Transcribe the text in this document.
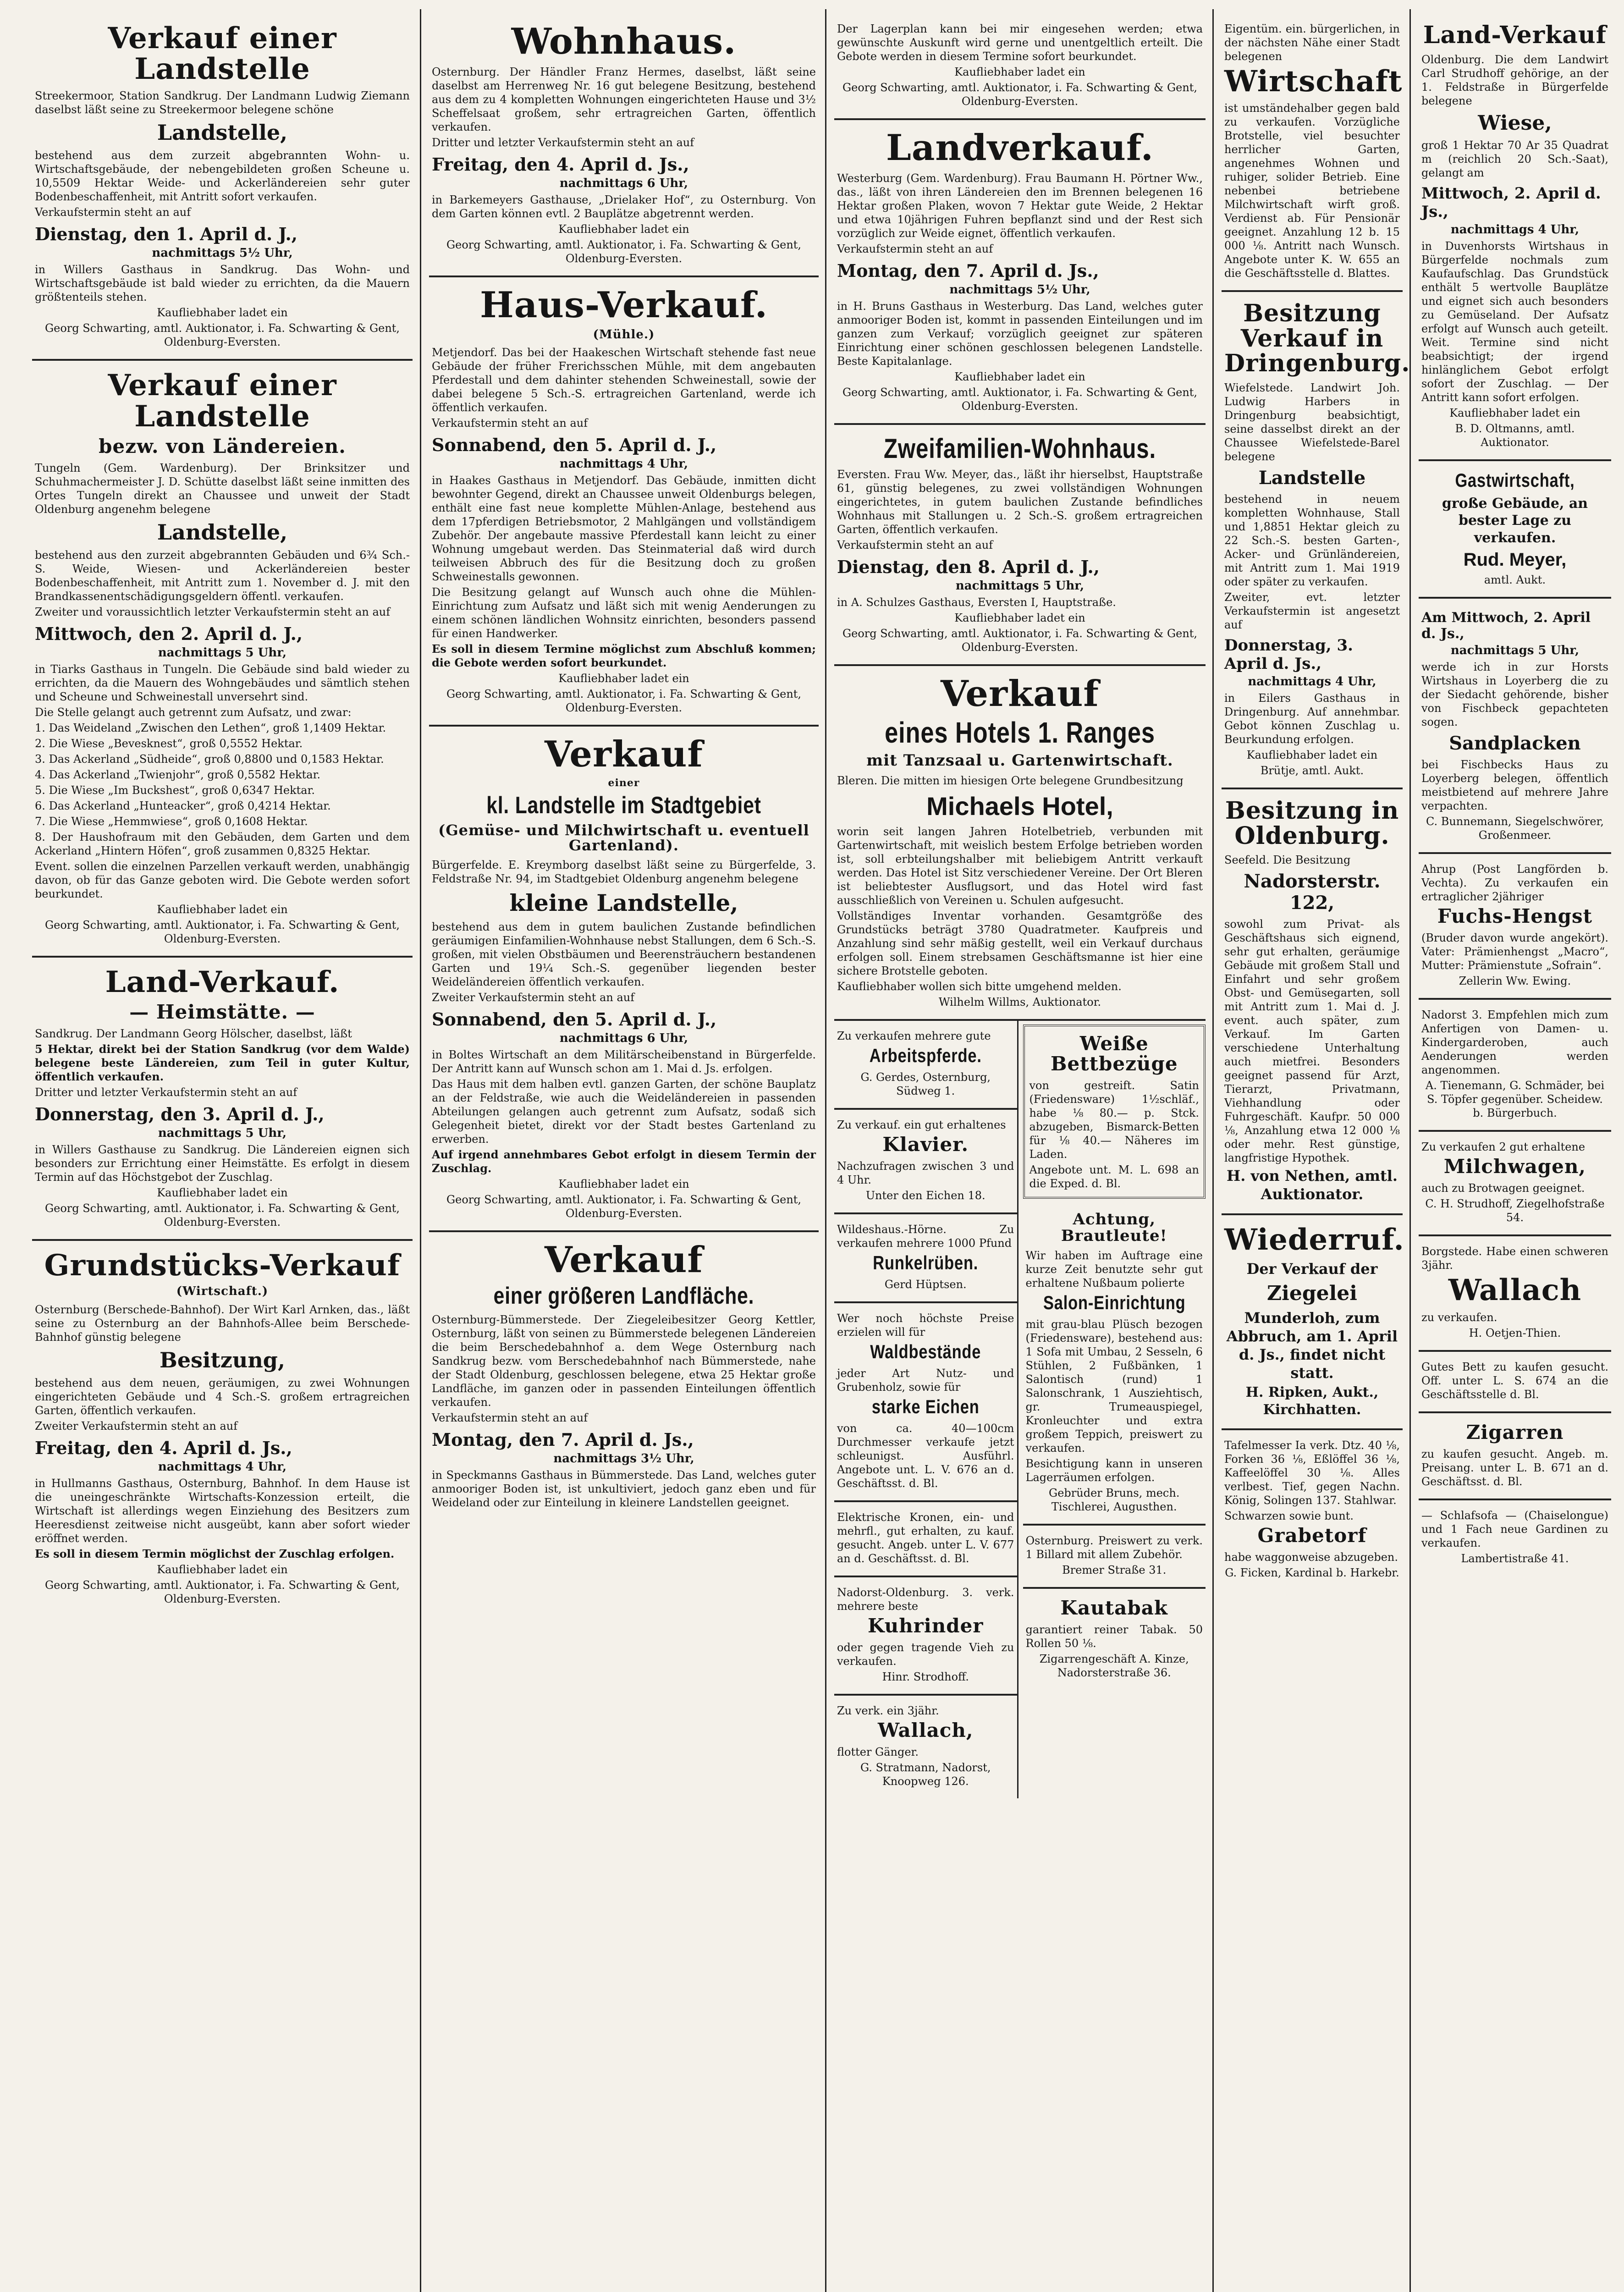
Verkauf einer Landstelle

Streekermoor, Station Sandkrug. Der Landmann Ludwig Ziemann daselbst läßt seine zu Streekermoor belegene schöne

Landstelle,

bestehend aus dem zurzeit abgebrannten Wohn- u. Wirtschaftsgebäude, der nebengebildeten großen Scheune u. 10,5509 Hektar Weide- und Ackerländereien sehr guter Bodenbeschaffenheit, mit Antritt sofort verkaufen.

Verkaufstermin steht an auf

Dienstag, den 1. April d. J.,
nachmittags 5½ Uhr,

in Willers Gasthaus in Sandkrug. Das Wohn- und Wirtschaftsgebäude ist bald wieder zu errichten, da die Mauern größtenteils stehen.

Kaufliebhaber ladet ein

Georg Schwarting, amtl. Auktionator, i. Fa. Schwarting & Gent, Oldenburg-Eversten.

Verkauf einer Landstelle
bezw. von Ländereien.

Tungeln (Gem. Wardenburg). Der Brinksitzer und Schuhmachermeister J. D. Schütte daselbst läßt seine inmitten des Ortes Tungeln direkt an Chaussee und unweit der Stadt Oldenburg angenehm belegene

Landstelle,

bestehend aus den zurzeit abgebrannten Gebäuden und 6¾ Sch.-S. Weide, Wiesen- und Ackerländereien bester Bodenbeschaffenheit, mit Antritt zum 1. November d. J. mit den Brandkassenentschädigungsgeldern öffentl. verkaufen.

Zweiter und voraussichtlich letzter Verkaufstermin steht an auf

Mittwoch, den 2. April d. J.,
nachmittags 5 Uhr,

in Tiarks Gasthaus in Tungeln. Die Gebäude sind bald wieder zu errichten, da die Mauern des Wohngebäudes und sämtlich stehen und Scheune und Schweinestall unversehrt sind.

Die Stelle gelangt auch getrennt zum Aufsatz, und zwar:

1. Das Weideland „Zwischen den Lethen“, groß 1,1409 Hektar.

2. Die Wiese „Bevesknest“, groß 0,5552 Hektar.

3. Das Ackerland „Südheide“, groß 0,8800 und 0,1583 Hektar.

4. Das Ackerland „Twienjohr“, groß 0,5582 Hektar.

5. Die Wiese „Im Buckshest“, groß 0,6347 Hektar.

6. Das Ackerland „Hunteacker“, groß 0,4214 Hektar.

7. Die Wiese „Hemmwiese“, groß 0,1608 Hektar.

8. Der Haushofraum mit den Gebäuden, dem Garten und dem Ackerland „Hintern Höfen“, groß zusammen 0,8325 Hektar.

Event. sollen die einzelnen Parzellen verkauft werden, unabhängig davon, ob für das Ganze geboten wird. Die Gebote werden sofort beurkundet.

Kaufliebhaber ladet ein

Georg Schwarting, amtl. Auktionator, i. Fa. Schwarting & Gent, Oldenburg-Eversten.

Land-Verkauf.
— Heimstätte. —

Sandkrug. Der Landmann Georg Hölscher, daselbst, läßt

5 Hektar, direkt bei der Station Sandkrug (vor dem Walde) belegene beste Ländereien, zum Teil in guter Kultur, öffentlich verkaufen.

Dritter und letzter Verkaufstermin steht an auf

Donnerstag, den 3. April d. J.,
nachmittags 5 Uhr,

in Willers Gasthause zu Sandkrug. Die Ländereien eignen sich besonders zur Errichtung einer Heimstätte. Es erfolgt in diesem Termin auf das Höchstgebot der Zuschlag.

Kaufliebhaber ladet ein

Georg Schwarting, amtl. Auktionator, i. Fa. Schwarting & Gent, Oldenburg-Eversten.

Grundstücks-Verkauf
(Wirtschaft.)

Osternburg (Berschede-Bahnhof). Der Wirt Karl Arnken, das., läßt seine zu Osternburg an der Bahnhofs-Allee beim Berschede-Bahnhof günstig belegene

Besitzung,

bestehend aus dem neuen, geräumigen, zu zwei Wohnungen eingerichteten Gebäude und 4 Sch.-S. großem ertragreichen Garten, öffentlich verkaufen.

Zweiter Verkaufstermin steht an auf

Freitag, den 4. April d. Js.,
nachmittags 4 Uhr,

in Hullmanns Gasthaus, Osternburg, Bahnhof. In dem Hause ist die uneingeschränkte Wirtschafts-Konzession erteilt, die Wirtschaft ist allerdings wegen Einziehung des Besitzers zum Heeresdienst zeitweise nicht ausgeübt, kann aber sofort wieder eröffnet werden.

Es soll in diesem Termin möglichst der Zuschlag erfolgen.

Kaufliebhaber ladet ein

Georg Schwarting, amtl. Auktionator, i. Fa. Schwarting & Gent, Oldenburg-Eversten.

Wohnhaus.

Osternburg. Der Händler Franz Hermes, daselbst, läßt seine daselbst am Herrenweg Nr. 16 gut belegene Besitzung, bestehend aus dem zu 4 kompletten Wohnungen eingerichteten Hause und 3½ Scheffelsaat großem, sehr ertragreichen Garten, öffentlich verkaufen.

Dritter und letzter Verkaufstermin steht an auf

Freitag, den 4. April d. Js.,
nachmittags 6 Uhr,

in Barkemeyers Gasthause, „Drielaker Hof“, zu Osternburg. Von dem Garten können evtl. 2 Bauplätze abgetrennt werden.

Kaufliebhaber ladet ein

Georg Schwarting, amtl. Auktionator, i. Fa. Schwarting & Gent, Oldenburg-Eversten.

Haus-Verkauf.
(Mühle.)

Metjendorf. Das bei der Haakeschen Wirtschaft stehende fast neue Gebäude der früher Frerichsschen Mühle, mit dem angebauten Pferdestall und dem dahinter stehenden Schweinestall, sowie der dabei belegene 5 Sch.-S. ertragreichen Gartenland, werde ich öffentlich verkaufen.

Verkaufstermin steht an auf

Sonnabend, den 5. April d. J.,
nachmittags 4 Uhr,

in Haakes Gasthaus in Metjendorf. Das Gebäude, inmitten dicht bewohnter Gegend, direkt an Chaussee unweit Oldenburgs belegen, enthält eine fast neue komplette Mühlen-Anlage, bestehend aus dem 17pferdigen Betriebsmotor, 2 Mahlgängen und vollständigem Zubehör. Der angebaute massive Pferdestall kann leicht zu einer Wohnung umgebaut werden. Das Steinmaterial daß wird durch teilweisen Abbruch des für die Besitzung doch zu großen Schweinestalls gewonnen.

Die Besitzung gelangt auf Wunsch auch ohne die Mühlen-Einrichtung zum Aufsatz und läßt sich mit wenig Aenderungen zu einem schönen ländlichen Wohnsitz einrichten, besonders passend für einen Handwerker.

Es soll in diesem Termine möglichst zum Abschluß kommen; die Gebote werden sofort beurkundet.

Kaufliebhaber ladet ein

Georg Schwarting, amtl. Auktionator, i. Fa. Schwarting & Gent, Oldenburg-Eversten.

Verkauf
einer
kl. Landstelle im Stadtgebiet
(Gemüse- und Milchwirtschaft u. eventuell Gartenland).

Bürgerfelde. E. Kreymborg daselbst läßt seine zu Bürgerfelde, 3. Feldstraße Nr. 94, im Stadtgebiet Oldenburg angenehm belegene

kleine Landstelle,

bestehend aus dem in gutem baulichen Zustande befindlichen geräumigen Einfamilien-Wohnhause nebst Stallungen, dem 6 Sch.-S. großen, mit vielen Obstbäumen und Beerensträuchern bestandenen Garten und 19¼ Sch.-S. gegenüber liegenden bester Weideländereien öffentlich verkaufen.

Zweiter Verkaufstermin steht an auf

Sonnabend, den 5. April d. J.,
nachmittags 6 Uhr,

in Boltes Wirtschaft an dem Militärscheibenstand in Bürgerfelde. Der Antritt kann auf Wunsch schon am 1. Mai d. Js. erfolgen.

Das Haus mit dem halben evtl. ganzen Garten, der schöne Bauplatz an der Feldstraße, wie auch die Weideländereien in passenden Abteilungen gelangen auch getrennt zum Aufsatz, sodaß sich Gelegenheit bietet, direkt vor der Stadt bestes Gartenland zu erwerben.

Auf irgend annehmbares Gebot erfolgt in diesem Termin der Zuschlag.

Kaufliebhaber ladet ein

Georg Schwarting, amtl. Auktionator, i. Fa. Schwarting & Gent, Oldenburg-Eversten.

Verkauf
einer größeren Landfläche.

Osternburg-Bümmerstede. Der Ziegeleibesitzer Georg Kettler, Osternburg, läßt von seinen zu Bümmerstede belegenen Ländereien die beim Berschedebahnhof a. dem Wege Osternburg nach Sandkrug bezw. vom Berschedebahnhof nach Bümmerstede, nahe der Stadt Oldenburg, geschlossen belegene, etwa 25 Hektar große Landfläche, im ganzen oder in passenden Einteilungen öffentlich verkaufen.

Verkaufstermin steht an auf

Montag, den 7. April d. Js.,
nachmittags 3½ Uhr,

in Speckmanns Gasthaus in Bümmerstede. Das Land, welches guter anmooriger Boden ist, ist unkultiviert, jedoch ganz eben und für Weideland oder zur Einteilung in kleinere Landstellen geeignet.

Der Lagerplan kann bei mir eingesehen werden; etwa gewünschte Auskunft wird gerne und unentgeltlich erteilt. Die Gebote werden in diesem Termine sofort beurkundet.

Kaufliebhaber ladet ein

Georg Schwarting, amtl. Auktionator, i. Fa. Schwarting & Gent, Oldenburg-Eversten.

Landverkauf.

Westerburg (Gem. Wardenburg). Frau Baumann H. Pörtner Ww., das., läßt von ihren Ländereien den im Brennen belegenen 16 Hektar großen Plaken, wovon 7 Hektar gute Weide, 2 Hektar und etwa 10jährigen Fuhren bepflanzt sind und der Rest sich vorzüglich zur Weide eignet, öffentlich verkaufen.

Verkaufstermin steht an auf

Montag, den 7. April d. Js.,
nachmittags 5½ Uhr,

in H. Bruns Gasthaus in Westerburg. Das Land, welches guter anmooriger Boden ist, kommt in passenden Einteilungen und im ganzen zum Verkauf; vorzüglich geeignet zur späteren Einrichtung einer schönen geschlossen belegenen Landstelle. Beste Kapitalanlage.

Kaufliebhaber ladet ein

Georg Schwarting, amtl. Auktionator, i. Fa. Schwarting & Gent, Oldenburg-Eversten.

Zweifamilien-Wohnhaus.

Eversten. Frau Ww. Meyer, das., läßt ihr hierselbst, Hauptstraße 61, günstig belegenes, zu zwei vollständigen Wohnungen eingerichtetes, in gutem baulichen Zustande befindliches Wohnhaus mit Stallungen u. 2 Sch.-S. großem ertragreichen Garten, öffentlich verkaufen.

Verkaufstermin steht an auf

Dienstag, den 8. April d. J.,
nachmittags 5 Uhr,

in A. Schulzes Gasthaus, Eversten I, Hauptstraße.

Kaufliebhaber ladet ein

Georg Schwarting, amtl. Auktionator, i. Fa. Schwarting & Gent, Oldenburg-Eversten.

Verkauf
eines Hotels 1. Ranges
mit Tanzsaal u. Gartenwirtschaft.

Bleren. Die mitten im hiesigen Orte belegene Grundbesitzung

Michaels Hotel,

worin seit langen Jahren Hotelbetrieb, verbunden mit Gartenwirtschaft, mit weislich bestem Erfolge betrieben worden ist, soll erbteilungshalber mit beliebigem Antritt verkauft werden. Das Hotel ist Sitz verschiedener Vereine. Der Ort Bleren ist beliebtester Ausflugsort, und das Hotel wird fast ausschließlich von Vereinen u. Schulen aufgesucht.

Vollständiges Inventar vorhanden. Gesamtgröße des Grundstücks beträgt 3780 Quadratmeter. Kaufpreis und Anzahlung sind sehr mäßig gestellt, weil ein Verkauf durchaus erfolgen soll. Einem strebsamen Geschäftsmanne ist hier eine sichere Brotstelle geboten.

Kaufliebhaber wollen sich bitte umgehend melden.

Wilhelm Willms, Auktionator.

Zu verkaufen mehrere gute

Arbeitspferde.

G. Gerdes, Osternburg, Südweg 1.

Zu verkauf. ein gut erhaltenes

Klavier.

Nachzufragen zwischen 3 und 4 Uhr.

Unter den Eichen 18.

Wildeshaus.-Hörne. Zu verkaufen mehrere 1000 Pfund

Runkelrüben.

Gerd Hüptsen.

Wer noch höchste Preise erzielen will für

Waldbestände

jeder Art Nutz- und Grubenholz, sowie für

starke Eichen

von ca. 40—100cm Durchmesser verkaufe jetzt schleunigst. Ausführl. Angebote unt. L. V. 676 an d. Geschäftsst. d. Bl.

Elektrische Kronen, ein- und mehrfl., gut erhalten, zu kauf. gesucht. Angeb. unter L. V. 677 an d. Geschäftsst. d. Bl.

Nadorst-Oldenburg. 3. verk. mehrere beste

Kuhrinder

oder gegen tragende Vieh zu verkaufen.

Hinr. Strodhoff.

Zu verk. ein 3jähr.

Wallach,

flotter Gänger.

G. Stratmann, Nadorst, Knoopweg 126.

Weiße Bettbezüge

von gestreift. Satin (Friedensware) 1½schläf., habe ⅛ 80.— p. Stck. abzugeben, Bismarck-Betten für ⅛ 40.— Näheres im Laden.

Angebote unt. M. L. 698 an die Exped. d. Bl.

Achtung, Brautleute!

Wir haben im Auftrage eine kurze Zeit benutzte sehr gut erhaltene Nußbaum polierte

Salon-Einrichtung

mit grau-blau Plüsch bezogen (Friedensware), bestehend aus: 1 Sofa mit Umbau, 2 Sesseln, 6 Stühlen, 2 Fußbänken, 1 Salontisch (rund) 1 Salonschrank, 1 Ausziehtisch, gr. Trumeauspiegel, Kronleuchter und extra großem Teppich, preiswert zu verkaufen.

Besichtigung kann in unseren Lagerräumen erfolgen.

Gebrüder Bruns, mech. Tischlerei, Augusthen.

Osternburg. Preiswert zu verk. 1 Billard mit allem Zubehör.

Bremer Straße 31.

Kautabak

garantiert reiner Tabak. 50 Rollen 50 ⅛.

Zigarrengeschäft A. Kinze, Nadorsterstraße 36.

Eigentüm. ein. bürgerlichen, in der nächsten Nähe einer Stadt belegenen

Wirtschaft

ist umständehalber gegen bald zu verkaufen. Vorzügliche Brotstelle, viel besuchter herrlicher Garten, angenehmes Wohnen und ruhiger, solider Betrieb. Eine nebenbei betriebene Milchwirtschaft wirft groß. Verdienst ab. Für Pensionär geeignet. Anzahlung 12 b. 15 000 ⅛. Antritt nach Wunsch. Angebote unter K. W. 655 an die Geschäftsstelle d. Blattes.

Besitzung Verkauf in Dringenburg.

Wiefelstede. Landwirt Joh. Ludwig Harbers in Dringenburg beabsichtigt, seine dasselbst direkt an der Chaussee Wiefelstede-Barel belegene

Landstelle

bestehend in neuem kompletten Wohnhause, Stall und 1,8851 Hektar gleich zu 22 Sch.-S. besten Garten-, Acker- und Grünländereien, mit Antritt zum 1. Mai 1919 oder später zu verkaufen.

Zweiter, evt. letzter Verkaufstermin ist angesetzt auf

Donnerstag, 3. April d. Js.,
nachmittags 4 Uhr,

in Eilers Gasthaus in Dringenburg. Auf annehmbar. Gebot können Zuschlag u. Beurkundung erfolgen.

Kaufliebhaber ladet ein

Brütje, amtl. Aukt.

Besitzung in Oldenburg.

Seefeld. Die Besitzung

Nadorsterstr. 122,

sowohl zum Privat- als Geschäftshaus sich eignend, sehr gut erhalten, geräumige Gebäude mit großem Stall und Einfahrt und sehr großem Obst- und Gemüsegarten, soll mit Antritt zum 1. Mai d. J. event. auch später, zum Verkauf. Im Garten verschiedene Unterhaltung auch mietfrei. Besonders geeignet passend für Arzt, Tierarzt, Privatmann, Viehhandlung oder Fuhrgeschäft. Kaufpr. 50 000 ⅛, Anzahlung etwa 12 000 ⅛ oder mehr. Rest günstige, langfristige Hypothek.

H. von Nethen, amtl. Auktionator.

Wiederruf.

Der Verkauf der

Ziegelei

Munderloh, zum Abbruch, am 1. April d. Js., findet nicht statt.

H. Ripken, Aukt., Kirchhatten.

Tafelmesser Ia verk. Dtz. 40 ⅛, Forken 36 ⅛, Eßlöffel 36 ⅛, Kaffeelöffel 30 ⅛. Alles verlbest. Tief, gegen Nachn. König, Solingen 137. Stahlwar.

Schwarzen sowie bunt.

Grabetorf

habe waggonweise abzugeben.

G. Ficken, Kardinal b. Harkebr.

Land-Verkauf

Oldenburg. Die dem Landwirt Carl Strudhoff gehörige, an der 1. Feldstraße in Bürgerfelde belegene

Wiese,

groß 1 Hektar 70 Ar 35 Quadrat m (reichlich 20 Sch.-Saat), gelangt am

Mittwoch, 2. April d. Js.,
nachmittags 4 Uhr,

in Duvenhorsts Wirtshaus in Bürgerfelde nochmals zum Kaufaufschlag. Das Grundstück enthält 5 wertvolle Bauplätze und eignet sich auch besonders zu Gemüseland. Der Aufsatz erfolgt auf Wunsch auch geteilt. Weit. Termine sind nicht beabsichtigt; der irgend hinlänglichem Gebot erfolgt sofort der Zuschlag. — Der Antritt kann sofort erfolgen.

Kaufliebhaber ladet ein

B. D. Oltmanns, amtl. Auktionator.

Gastwirtschaft,

große Gebäude, an bester Lage zu verkaufen.

Rud. Meyer,

amtl. Aukt.

Am Mittwoch, 2. April d. Js.,
nachmittags 5 Uhr,

werde ich in zur Horsts Wirtshaus in Loyerberg die zu der Siedacht gehörende, bisher von Fischbeck gepachteten sogen.

Sandplacken

bei Fischbecks Haus zu Loyerberg belegen, öffentlich meistbietend auf mehrere Jahre verpachten.

C. Bunnemann, Siegelschwörer, Großenmeer.

Ahrup (Post Langförden b. Vechta). Zu verkaufen ein ertraglicher 2jähriger

Fuchs-Hengst

(Bruder davon wurde angekört). Vater: Prämienhengst „Macro“, Mutter: Prämienstute „Sofrain“.

Zellerin Ww. Ewing.

Nadorst 3. Empfehlen mich zum Anfertigen von Damen- u. Kindergarderoben, auch Aenderungen werden angenommen.

A. Tienemann, G. Schmäder, bei S. Töpfer gegenüber. Scheidew. b. Bürgerbuch.

Zu verkaufen 2 gut erhaltene

Milchwagen,

auch zu Brotwagen geeignet.

C. H. Strudhoff, Ziegelhofstraße 54.

Borgstede. Habe einen schweren 3jähr.

Wallach

zu verkaufen.

H. Oetjen-Thien.

Gutes Bett zu kaufen gesucht. Off. unter L. S. 674 an die Geschäftsstelle d. Bl.

Zigarren

zu kaufen gesucht. Angeb. m. Preisang. unter L. B. 671 an d. Geschäftsst. d. Bl.

— Schlafsofa — (Chaiselongue) und 1 Fach neue Gardinen zu verkaufen.

Lambertistraße 41.
